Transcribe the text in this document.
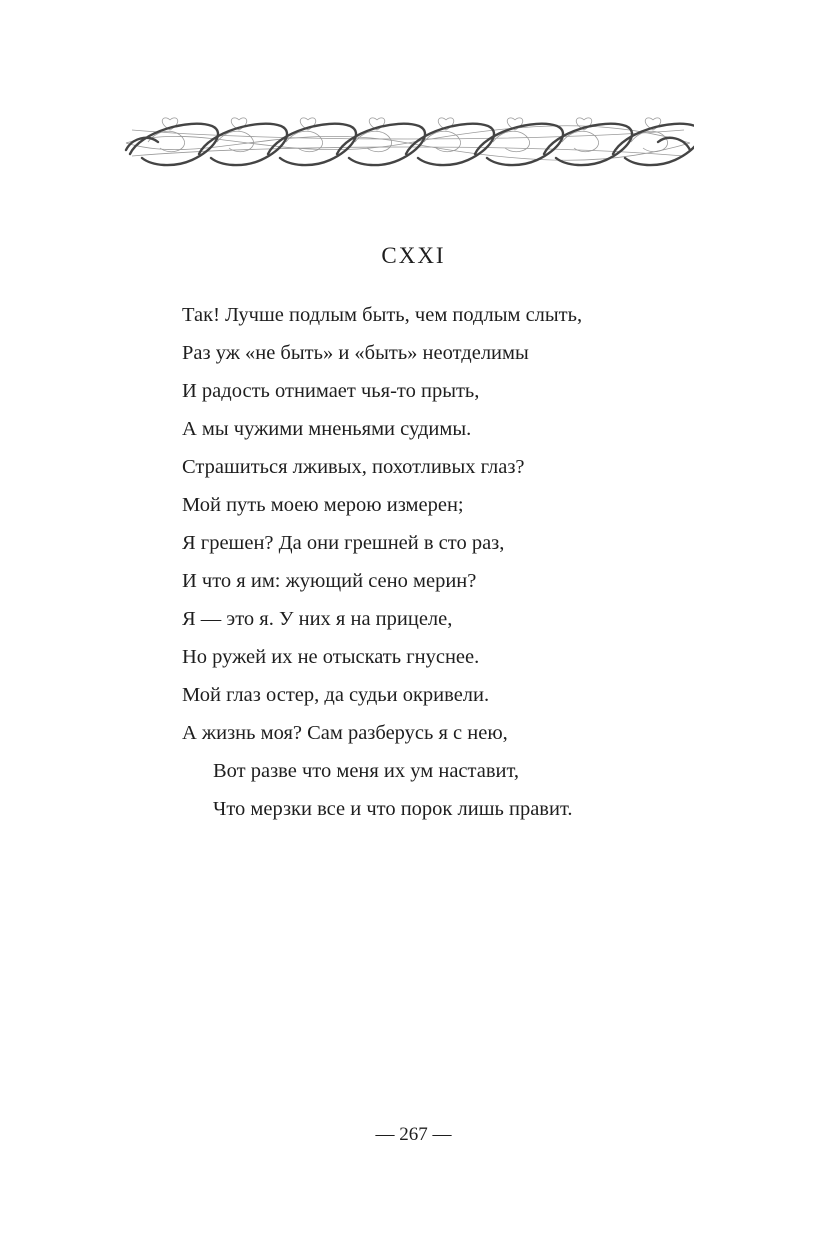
CXXI
Так! Лучше подлым быть, чем подлым слыть,
Раз уж «не быть» и «быть» неотделимы
И радость отнимает чья-то прыть,
А мы чужими мненьями судимы.
Страшиться лживых, похотливых глаз?
Мой путь моею мерою измерен;
Я грешен? Да они грешней в сто раз,
И что я им: жующий сено мерин?
Я — это я. У них я на прицеле,
Но ружей их не отыскать гнуснее.
Мой глаз остер, да судьи окривели.
А жизнь моя? Сам разберусь я с нею,
Вот разве что меня их ум наставит,
Что мерзки все и что порок лишь правит.
— 267 —
